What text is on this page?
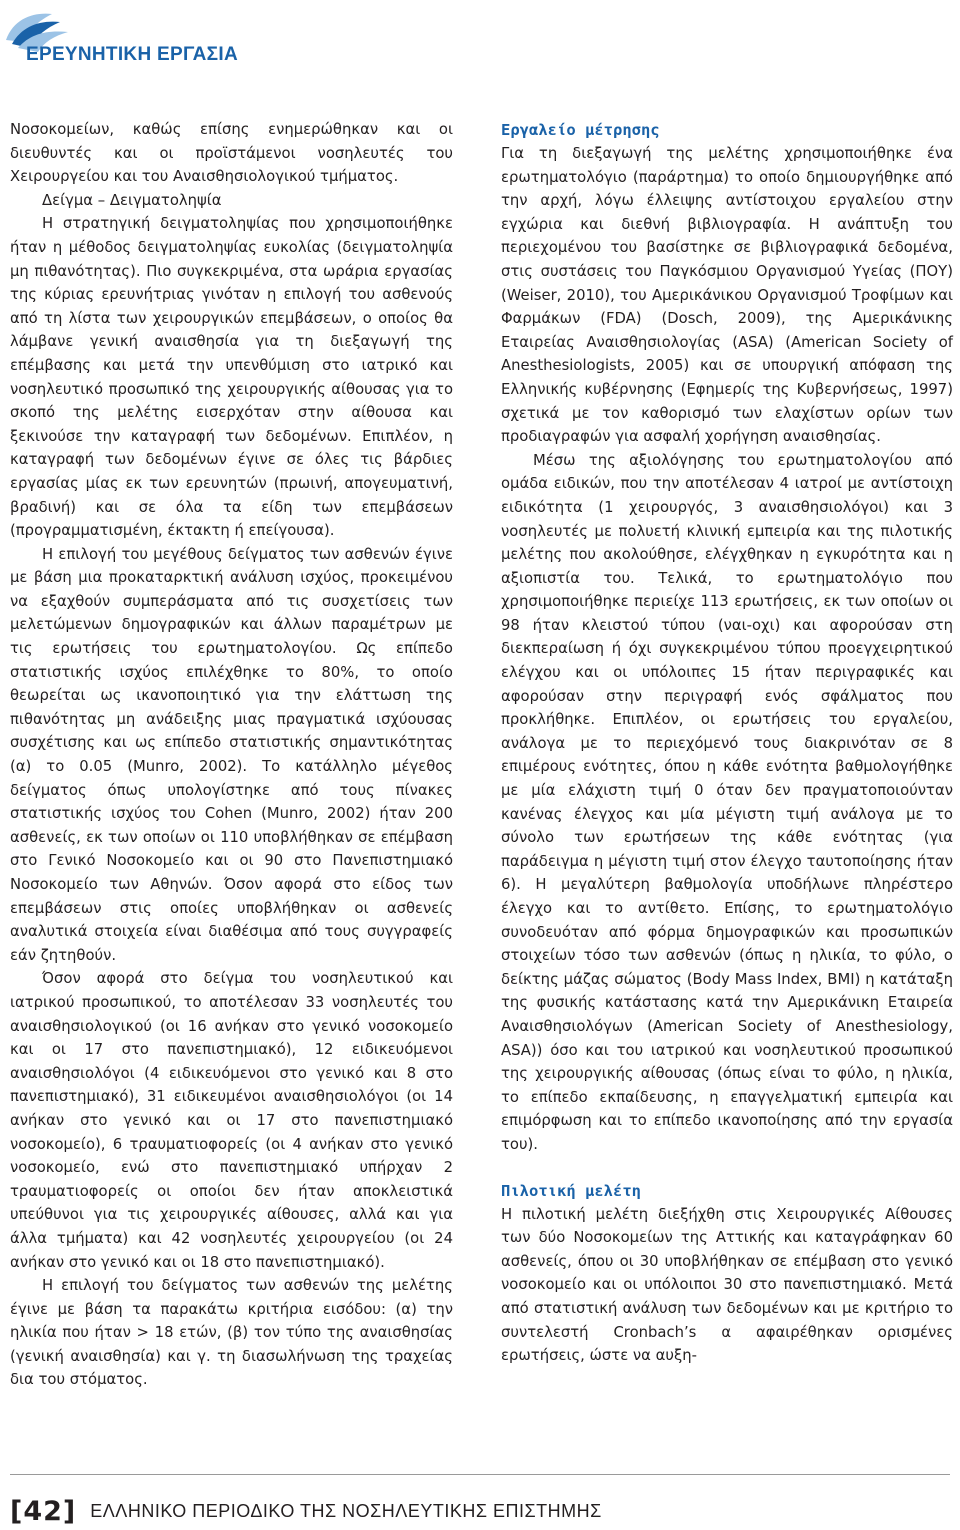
ΕΡΕΥΝΗΤΙΚΗ ΕΡΓΑΣΙΑ

Νοσοκομείων, καθώς επίσης ενημερώθηκαν και οι διευθυντές και οι προϊστάμενοι νοσηλευτές του Χειρουργείου και του Αναισθησιολογικού τμήματος.

Δείγμα – Δειγματοληψία

Η στρατηγική δειγματοληψίας που χρησιμοποιήθηκε ήταν η μέθοδος δειγματοληψίας ευκολίας (δειγματοληψία μη πιθανότητας). Πιο συγκεκριμένα, στα ωράρια εργασίας της κύριας ερευνήτριας γινόταν η επιλογή του ασθενούς από τη λίστα των χειρουργικών επεμβάσεων, ο οποίος θα λάμβανε γενική αναισθησία για τη διεξαγωγή της επέμβασης και μετά την υπενθύμιση στο ιατρικό και νοσηλευτικό προσωπικό της χειρουργικής αίθουσας για το σκοπό της μελέτης εισερχόταν στην αίθουσα και ξεκινούσε την καταγραφή των δεδομένων. Επιπλέον, η καταγραφή των δεδομένων έγινε σε όλες τις βάρδιες εργασίας μίας εκ των ερευνητών (πρωινή, απογευματινή, βραδινή) και σε όλα τα είδη των επεμβάσεων (προγραμματισμένη, έκτακτη ή επείγουσα).

Η επιλογή του μεγέθους δείγματος των ασθενών έγινε με βάση μια προκαταρκτική ανάλυση ισχύος, προκειμένου να εξαχθούν συμπεράσματα από τις συσχετίσεις των μελετώμενων δημογραφικών και άλλων παραμέτρων με τις ερωτήσεις του ερωτηματολογίου. Ως επίπεδο στατιστικής ισχύος επιλέχθηκε το 80%, το οποίο θεωρείται ως ικανοποιητικό για την ελάττωση της πιθανότητας μη ανάδειξης μιας πραγματικά ισχύουσας συσχέτισης και ως επίπεδο στατιστικής σημαντικότητας (α) το 0.05 (Munro, 2002). Το κατάλληλο μέγεθος δείγματος όπως υπολογίστηκε από τους πίνακες στατιστικής ισχύος του Cohen (Munro, 2002) ήταν 200 ασθενείς, εκ των οποίων οι 110 υποβλήθηκαν σε επέμβαση στο Γενικό Νοσοκομείο και οι 90 στο Πανεπιστημιακό Νοσοκομείο των Αθηνών. Όσον αφορά στο είδος των επεμβάσεων στις οποίες υποβλήθηκαν οι ασθενείς αναλυτικά στοιχεία είναι διαθέσιμα από τους συγγραφείς εάν ζητηθούν.

Όσον αφορά στο δείγμα του νοσηλευτικού και ιατρικού προσωπικού, το αποτέλεσαν 33 νοσηλευτές του αναισθησιολογικού (οι 16 ανήκαν στο γενικό νοσοκομείο και οι 17 στο πανεπιστημιακό), 12 ειδικευόμενοι αναισθησιολόγοι (4 ειδικευόμενοι στο γενικό και 8 στο πανεπιστημιακό), 31 ειδικευμένοι αναισθησιολόγοι (οι 14 ανήκαν στο γενικό και οι 17 στο πανεπιστημιακό νοσοκομείο), 6 τραυματιοφορείς (οι 4 ανήκαν στο γενικό νοσοκομείο, ενώ στο πανεπιστημιακό υπήρχαν 2 τραυματιοφορείς οι οποίοι δεν ήταν αποκλειστικά υπεύθυνοι για τις χειρουργικές αίθουσες, αλλά και για άλλα τμήματα) και 42 νοσηλευτές χειρουργείου (οι 24 ανήκαν στο γενικό και οι 18 στο πανεπιστημιακό).

Η επιλογή του δείγματος των ασθενών της μελέτης έγινε με βάση τα παρακάτω κριτήρια εισόδου: (α) την ηλικία που ήταν > 18 ετών, (β) τον τύπο της αναισθησίας (γενική αναισθησία) και γ. τη διασωλήνωση της τραχείας δια του στόματος.

Εργαλείο μέτρησης

Για τη διεξαγωγή της μελέτης χρησιμοποιήθηκε ένα ερωτηματολόγιο (παράρτημα) το οποίο δημιουργήθηκε από την αρχή, λόγω έλλειψης αντίστοιχου εργαλείου στην εγχώρια και διεθνή βιβλιογραφία. Η ανάπτυξη του περιεχομένου του βασίστηκε σε βιβλιογραφικά δεδομένα, στις συστάσεις του Παγκόσμιου Οργανισμού Υγείας (ΠΟΥ) (Weiser, 2010), του Αμερικάνικου Οργανισμού Τροφίμων και Φαρμάκων (FDA) (Dosch, 2009), της Αμερικάνικης Εταιρείας Αναισθησιολογίας (ASA) (American Society of Anesthesiologists, 2005) και σε υπουργική απόφαση της Ελληνικής κυβέρνησης (Εφημερίς της Κυβερνήσεως, 1997) σχετικά με τον καθορισμό των ελαχίστων ορίων των προδιαγραφών για ασφαλή χορήγηση αναισθησίας.

Μέσω της αξιολόγησης του ερωτηματολογίου από ομάδα ειδικών, που την αποτέλεσαν 4 ιατροί με αντίστοιχη ειδικότητα (1 χειρουργός, 3 αναισθησιολόγοι) και 3 νοσηλευτές με πολυετή κλινική εμπειρία και της πιλοτικής μελέτης που ακολούθησε, ελέγχθηκαν η εγκυρότητα και η αξιοπιστία του. Τελικά, το ερωτηματολόγιο που χρησιμοποιήθηκε περιείχε 113 ερωτήσεις, εκ των οποίων οι 98 ήταν κλειστού τύπου (ναι-οχι) και αφορούσαν στη διεκπεραίωση ή όχι συγκεκριμένου τύπου προεγχειρητικού ελέγχου και οι υπόλοιπες 15 ήταν περιγραφικές και αφορούσαν στην περιγραφή ενός σφάλματος που προκλήθηκε. Επιπλέον, οι ερωτήσεις του εργαλείου, ανάλογα με το περιεχόμενό τους διακρινόταν σε 8 επιμέρους ενότητες, όπου η κάθε ενότητα βαθμολογήθηκε με μία ελάχιστη τιμή 0 όταν δεν πραγματοποιούνταν κανένας έλεγχος και μία μέγιστη τιμή ανάλογα με το σύνολο των ερωτήσεων της κάθε ενότητας (για παράδειγμα η μέγιστη τιμή στον έλεγχο ταυτοποίησης ήταν 6). Η μεγαλύτερη βαθμολογία υποδήλωνε πληρέστερο έλεγχο και το αντίθετο. Επίσης, το ερωτηματολόγιο συνοδευόταν από φόρμα δημογραφικών και προσωπικών στοιχείων τόσο των ασθενών (όπως η ηλικία, το φύλο, ο δείκτης μάζας σώματος (Body Mass Index, BMI) η κατάταξη της φυσικής κατάστασης κατά την Αμερικάνικη Εταιρεία Αναισθησιολόγων (American Society of Anesthesiology, ASA)) όσο και του ιατρικού και νοσηλευτικού προσωπικού της χειρουργικής αίθουσας (όπως είναι το φύλο, η ηλικία, το επίπεδο εκπαίδευσης, η επαγγελματική εμπειρία και επιμόρφωση και το επίπεδο ικανοποίησης από την εργασία του).

Πιλοτική μελέτη

Η πιλοτική μελέτη διεξήχθη στις Χειρουργικές Αίθουσες των δύο Νοσοκομείων της Αττικής και καταγράφηκαν 60 ασθενείς, όπου οι 30 υποβλήθηκαν σε επέμβαση στο γενικό νοσοκομείο και οι υπόλοιποι 30 στο πανεπιστημιακό. Μετά από στατιστική ανάλυση των δεδομένων και με κριτήριο το συντελεστή Cronbach’s α αφαιρέθηκαν ορισμένες ερωτήσεις, ώστε να αυξη-

[42] ΕΛΛΗΝΙΚΟ ΠΕΡΙΟΔΙΚΟ ΤΗΣ ΝΟΣΗΛΕΥΤΙΚΗΣ ΕΠΙΣΤΗΜΗΣ
